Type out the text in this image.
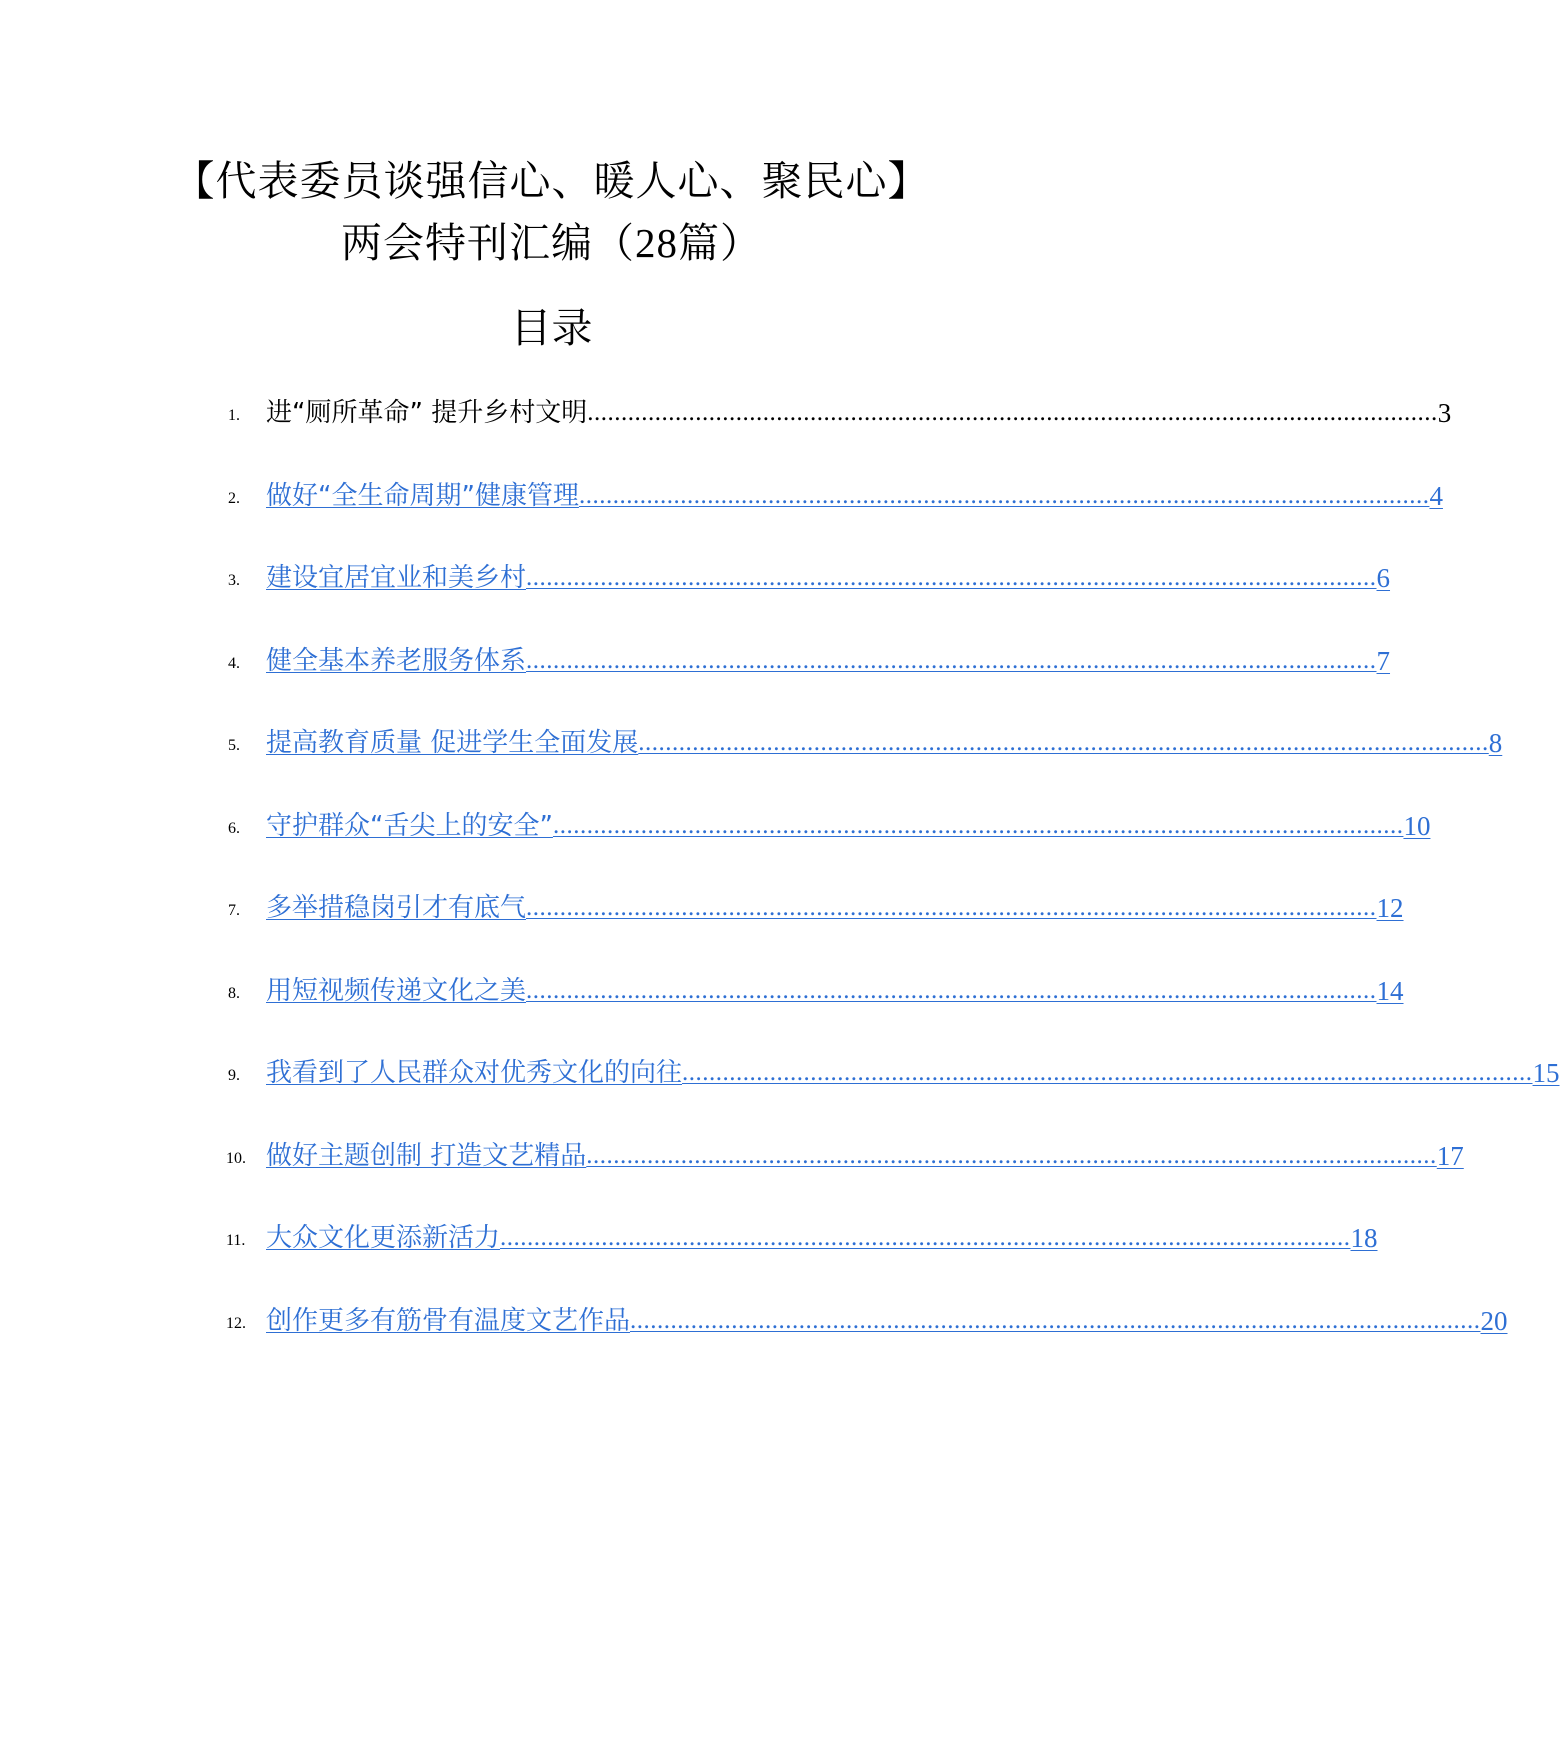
【代表委员谈强信心、暖人心、聚民心】
两会特刊汇编（28篇）
目录
1. 进“厕所革命” 提升乡村文明 .............................................................................................................................. 3
2. 做好“全生命周期”健康管理 .............................................................................................................................. 4
3. 建设宜居宜业和美乡村 .............................................................................................................................. 6
4. 健全基本养老服务体系 .............................................................................................................................. 7
5. 提高教育质量 促进学生全面发展 .............................................................................................................................. 8
6. 守护群众“舌尖上的安全” .............................................................................................................................. 10
7. 多举措稳岗引才有底气 .............................................................................................................................. 12
8. 用短视频传递文化之美 .............................................................................................................................. 14
9. 我看到了人民群众对优秀文化的向往 .............................................................................................................................. 15
10. 做好主题创制 打造文艺精品 .............................................................................................................................. 17
11. 大众文化更添新活力 .............................................................................................................................. 18
12. 创作更多有筋骨有温度文艺作品 .............................................................................................................................. 20
